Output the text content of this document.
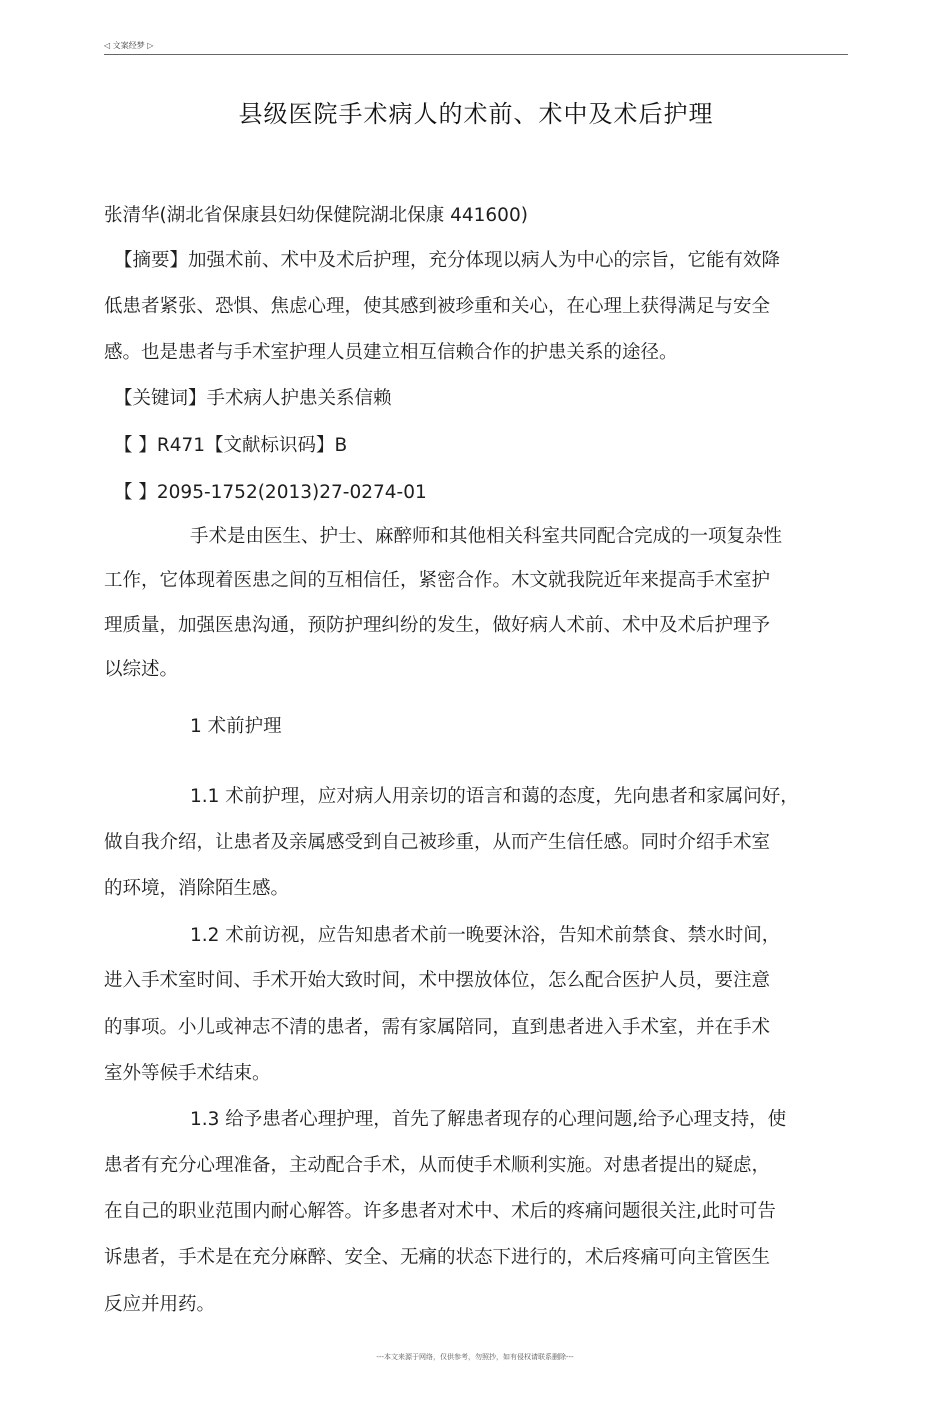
◁ 文案经梦 ▷
县级医院手术病人的术前、术中及术后护理
张清华(湖北省保康县妇幼保健院湖北保康 441600)
【摘要】加强术前、术中及术后护理，充分体现以病人为中心的宗旨，它能有效降
低患者紧张、恐惧、焦虑心理，使其感到被珍重和关心，在心理上获得满足与安全
感。也是患者与手术室护理人员建立相互信赖合作的护患关系的途径。
【关键词】手术病人护患关系信赖
【 】R471【文献标识码】B
【 】2095-1752(2013)27-0274-01
手术是由医生、护士、麻醉师和其他相关科室共同配合完成的一项复杂性
工作，它体现着医患之间的互相信任，紧密合作。木文就我院近年来提高手术室护
理质量，加强医患沟通，预防护理纠纷的发生，做好病人术前、术中及术后护理予
以综述。
1 术前护理
1.1 术前护理，应对病人用亲切的语言和蔼的态度，先向患者和家属问好，
做自我介绍，让患者及亲属感受到自己被珍重，从而产生信任感。同时介绍手术室
的环境，消除陌生感。
1.2 术前访视，应告知患者术前一晚要沐浴，告知术前禁食、禁水时间，
进入手术室时间、手术开始大致时间，术中摆放体位，怎么配合医护人员，要注意
的事项。小儿或神志不清的患者，需有家属陪同，直到患者进入手术室，并在手术
室外等候手术结束。
1.3 给予患者心理护理，首先了解患者现存的心理问题,给予心理支持，使
患者有充分心理准备，主动配合手术，从而使手术顺利实施。对患者提出的疑虑，
在自己的职业范围内耐心解答。许多患者对术中、术后的疼痛问题很关注,此时可告
诉患者，手术是在充分麻醉、安全、无痛的状态下进行的，术后疼痛可向主管医生
反应并用药。
---本文来源于网络，仅供参考，勿照抄，如有侵权请联系删除---
